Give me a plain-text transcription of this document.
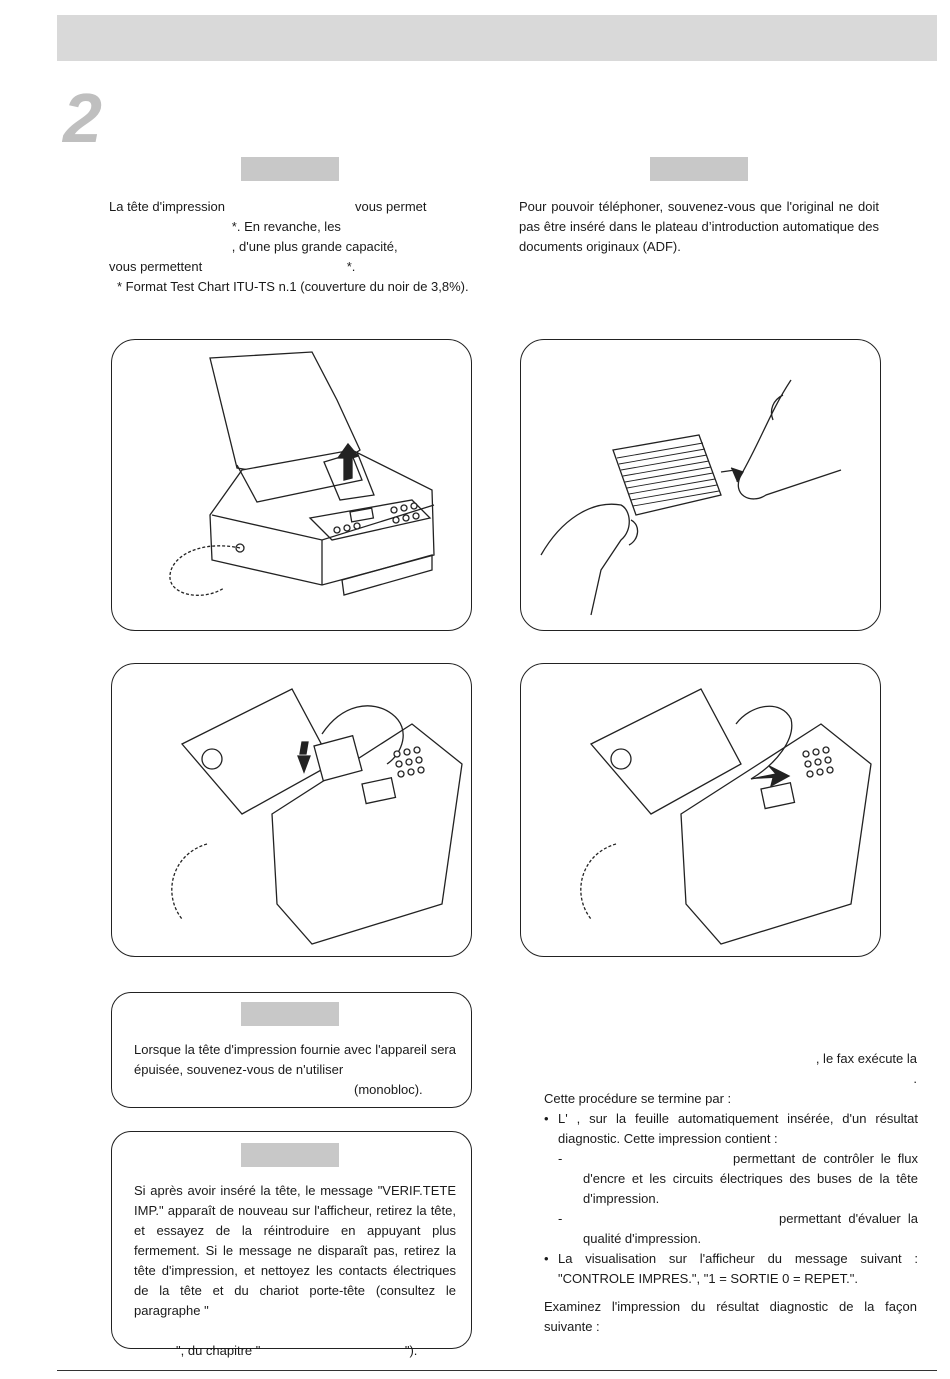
2

La tête d'impression                                    vous permet

*. En revanche, les

, d'une plus grande capacité,

vous permettent                                        *.

* Format Test Chart ITU-TS n.1 (couverture du noir de 3,8%).

Pour pouvoir téléphoner, souvenez-vous que l'original ne doit pas être inséré dans le plateau d’introduction automatique des documents originaux (ADF).

Lorsque la tête d'impression fournie avec l'appareil sera épuisée, souvenez-vous de n'utiliser

(monobloc).

Si après avoir inséré la tête, le message "VERIF.TETE IMP." apparaît de nouveau sur l'afficheur, retirez la tête, et essayez de la réintroduire en appuyant plus fermement. Si le message ne disparaît pas, retirez la tête d'impression, et nettoyez les contacts électriques de la tête et du chariot porte-tête (consultez le paragraphe "

", du chapitre "                                        ").

, le fax exécute la
.
Cette procédure se termine par :
• L' , sur la feuille automatiquement insérée, d'un résultat diagnostic. Cette impression contient :
-	permettant de contrôler le flux d'encre et les circuits électriques des buses de la tête d'impression.
-	permettant d'évaluer la qualité d'impression.
• La visualisation sur l'afficheur du message suivant : "CONTROLE IMPRES.", "1 = SORTIE 0 = REPET.".
Examinez l'impression du résultat diagnostic de la façon suivante :
